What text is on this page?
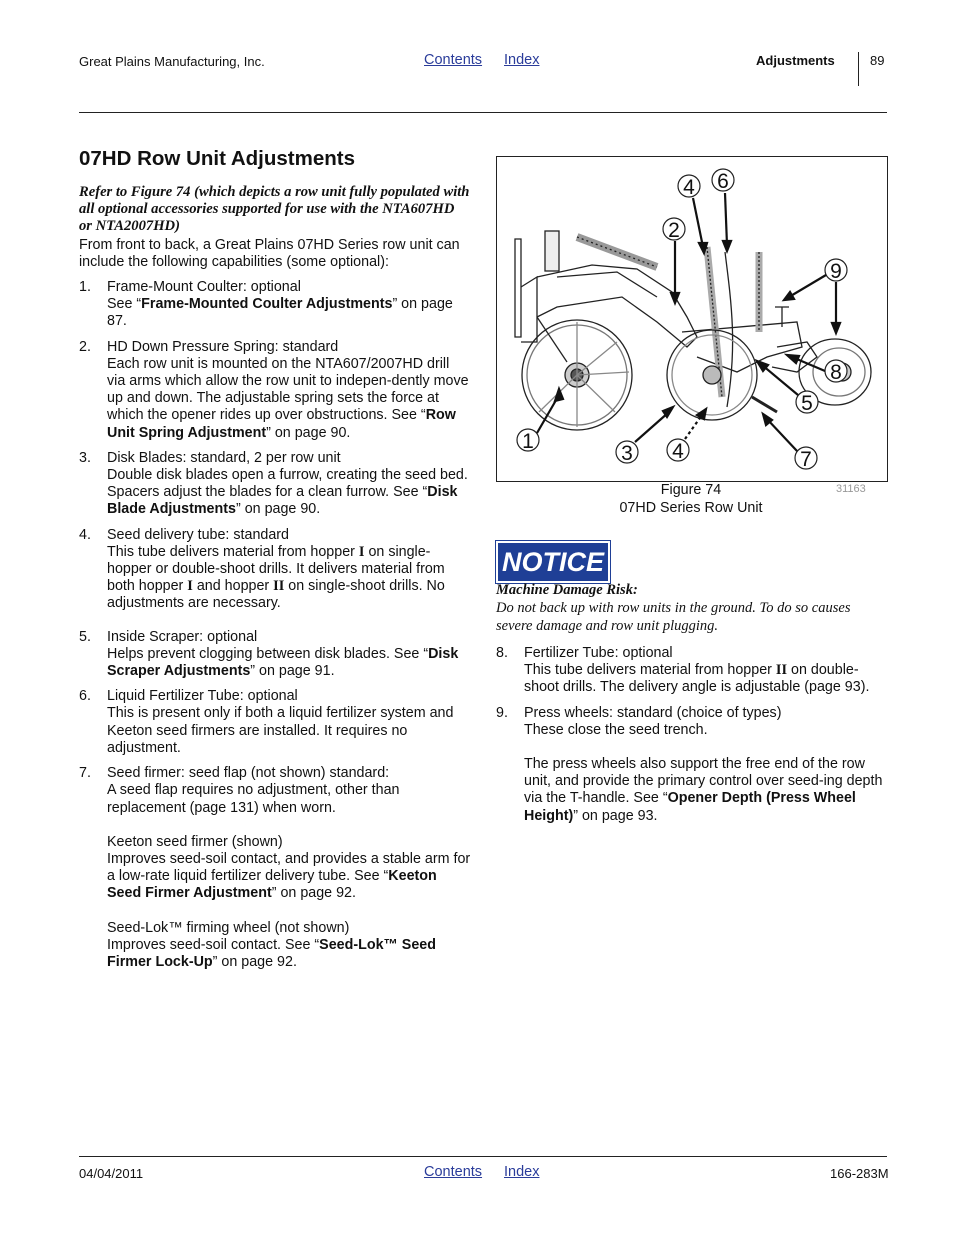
Great Plains Manufacturing, Inc.	Contents Index	Adjustments	89
07HD Row Unit Adjustments
Refer to Figure 74 (which depicts a row unit fully populated with all optional accessories supported for use with the NTA607HD or NTA2007HD)
From front to back, a Great Plains 07HD Series row unit can include the following capabilities (some optional):
1. Frame-Mount Coulter: optional

See “Frame-Mounted Coulter Adjustments” on page 87.

2. HD Down Pressure Spring: standard

Each row unit is mounted on the NTA607/2007HD drill via arms which allow the row unit to indepen-dently move up and down. The adjustable spring sets the force at which the opener rides up over obstructions. See “Row Unit Spring Adjustment” on page 90.

3. Disk Blades: standard, 2 per row unit

Double disk blades open a furrow, creating the seed bed. Spacers adjust the blades for a clean furrow. See “Disk Blade Adjustments” on page 90.

4. Seed delivery tube: standard

This tube delivers material from hopper I on single-hopper or double-shoot drills. It delivers material from both hopper I and hopper II on single-shoot drills. No adjustments are necessary.

5. Inside Scraper: optional

Helps prevent clogging between disk blades. See “Disk Scraper Adjustments” on page 91.

6. Liquid Fertilizer Tube: optional

This is present only if both a liquid fertilizer system and Keeton seed firmers are installed. It requires no adjustment.

7. Seed firmer: seed flap (not shown) standard:

A seed flap requires no adjustment, other than replacement (page 131) when worn.

Keeton seed firmer (shown)

Improves seed-soil contact, and provides a stable arm for a low-rate liquid fertilizer delivery tube. See “Keeton Seed Firmer Adjustment” on page 92.

Seed-Lok™ firming wheel (not shown)

Improves seed-soil contact. See “Seed-Lok™ Seed Firmer Lock-Up” on page 92.

1
2
3
4
4
5
6
7
8
9
31163
Figure 74
07HD Series Row Unit
NOTICE
Machine Damage Risk:
Do not back up with row units in the ground. To do so causes severe damage and row unit plugging.
8. Fertilizer Tube: optional

This tube delivers material from hopper II on double-shoot drills. The delivery angle is adjustable (page 93).

9. Press wheels: standard (choice of types)

These close the seed trench.

The press wheels also support the free end of the row unit, and provide the primary control over seed-ing depth via the T-handle. See “Opener Depth (Press Wheel Height)” on page 93.

04/04/2011	Contents Index	166-283M
